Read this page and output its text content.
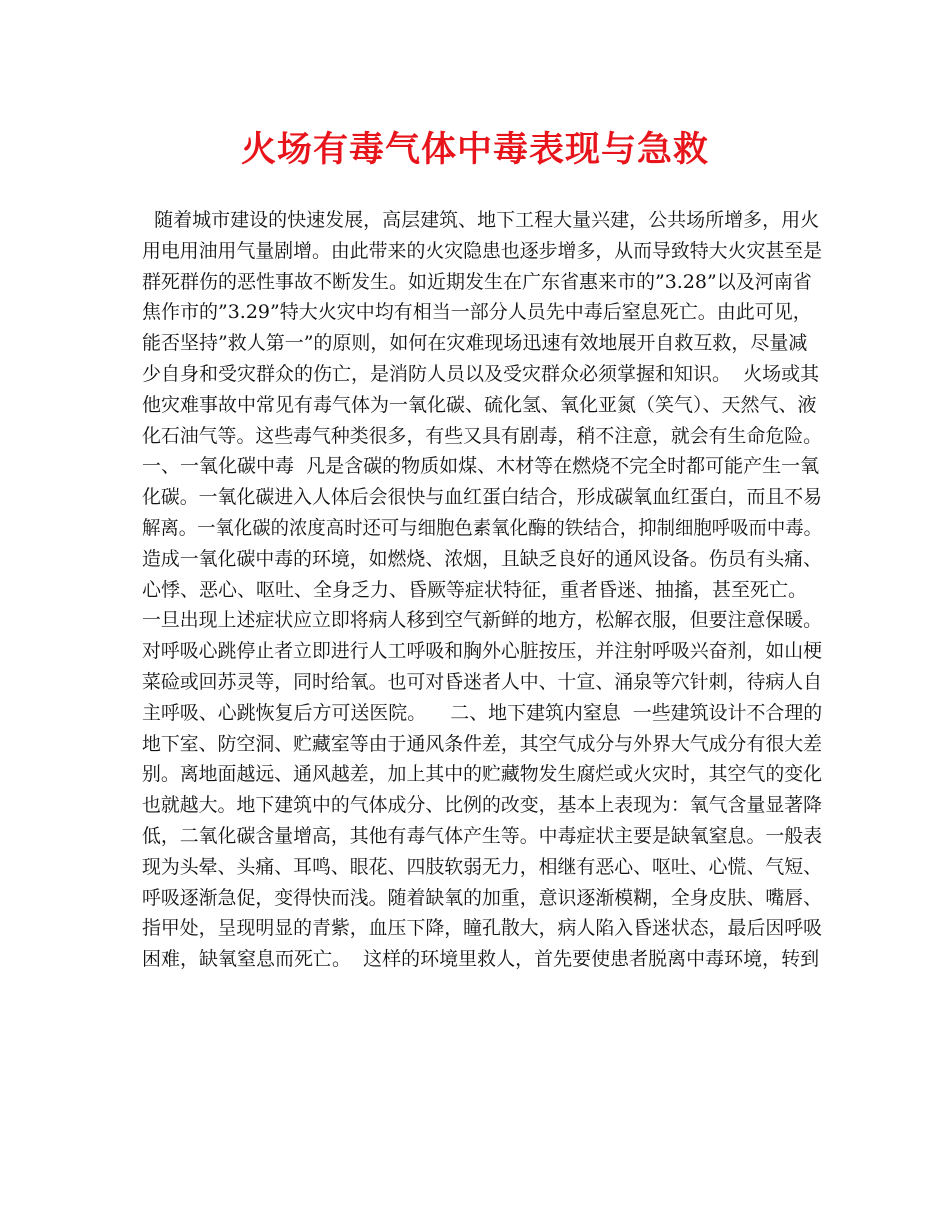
火场有毒气体中毒表现与急救
随着城市建设的快速发展，高层建筑、地下工程大量兴建，公共场所增多，用火
用电用油用气量剧增。由此带来的火灾隐患也逐步增多，从而导致特大火灾甚至是
群死群伤的恶性事故不断发生。如近期发生在广东省惠来市的”3.28”以及河南省
焦作市的”3.29”特大火灾中均有相当一部分人员先中毒后窒息死亡。由此可见，
能否坚持”救人第一”的原则，如何在灾难现场迅速有效地展开自救互救，尽量减
少自身和受灾群众的伤亡，是消防人员以及受灾群众必须掌握和知识。  火场或其
他灾难事故中常见有毒气体为一氧化碳、硫化氢、氧化亚氮（笑气）、天然气、液
化石油气等。这些毒气种类很多，有些又具有剧毒，稍不注意，就会有生命危险。
一、一氧化碳中毒  凡是含碳的物质如煤、木材等在燃烧不完全时都可能产生一氧
化碳。一氧化碳进入人体后会很快与血红蛋白结合，形成碳氧血红蛋白，而且不易
解离。一氧化碳的浓度高时还可与细胞色素氧化酶的铁结合，抑制细胞呼吸而中毒。
造成一氧化碳中毒的环境，如燃烧、浓烟，且缺乏良好的通风设备。伤员有头痛、
心悸、恶心、呕吐、全身乏力、昏厥等症状特征，重者昏迷、抽搐，甚至死亡。
一旦出现上述症状应立即将病人移到空气新鲜的地方，松解衣服，但要注意保暖。
对呼吸心跳停止者立即进行人工呼吸和胸外心脏按压，并注射呼吸兴奋剂，如山梗
菜硷或回苏灵等，同时给氧。也可对昏迷者人中、十宣、涌泉等穴针刺，待病人自
主呼吸、心跳恢复后方可送医院。    二、地下建筑内窒息  一些建筑设计不合理的
地下室、防空洞、贮藏室等由于通风条件差，其空气成分与外界大气成分有很大差
别。离地面越远、通风越差，加上其中的贮藏物发生腐烂或火灾时，其空气的变化
也就越大。地下建筑中的气体成分、比例的改变，基本上表现为：氧气含量显著降
低，二氧化碳含量增高，其他有毒气体产生等。中毒症状主要是缺氧窒息。一般表
现为头晕、头痛、耳鸣、眼花、四肢软弱无力，相继有恶心、呕吐、心慌、气短、
呼吸逐渐急促，变得快而浅。随着缺氧的加重，意识逐渐模糊，全身皮肤、嘴唇、
指甲处，呈现明显的青紫，血压下降，瞳孔散大，病人陷入昏迷状态，最后因呼吸
困难，缺氧窒息而死亡。  这样的环境里救人，首先要使患者脱离中毒环境，转到
